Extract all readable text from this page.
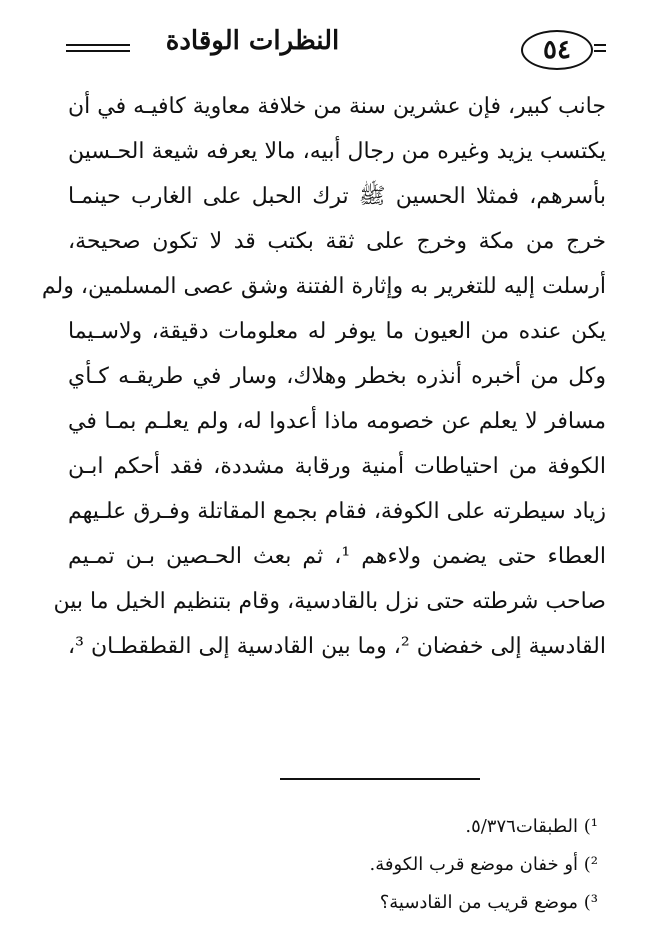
النظرات الوقادة	٥٤
جانب كبير، فإن عشرين سنة من خلافة معاوية كافيـه في أن
يكتسب يزيد وغيره من رجال أبيه، مالا يعرفه شيعة الحـسين
بأسرهم، فمثلا الحسين ﷺ ترك الحبل على الغارب حينمـا
خرج من مكة وخرج على ثقة بكتب قد لا تكون صحيحة،
أرسلت إليه للتغرير به وإثارة الفتنة وشق عصى المسلمين، ولم
يكن عنده من العيون ما يوفر له معلومات دقيقة، ولاسـيما
وكل من أخبره أنذره بخطر وهلاك، وسار في طريقـه كـأي
مسافر لا يعلم عن خصومه ماذا أعدوا له، ولم يعلـم بمـا في
الكوفة من احتياطات أمنية ورقابة مشددة، فقد أحكم ابـن
زياد سيطرته على الكوفة، فقام بجمع المقاتلة وفـرق علـيهم
العطاء حتى يضمن ولاءهم ¹، ثم بعث الحـصين بـن تمـيم
صاحب شرطته حتى نزل بالقادسية، وقام بتنظيم الخيل ما بين
القادسية إلى خفضان ²، وما بين القادسية إلى القطقطـان ³،
¹) الطبقات٥/٣٧٦.
²) أو خفان موضع قرب الكوفة.
³) موضع قريب من القادسية؟
